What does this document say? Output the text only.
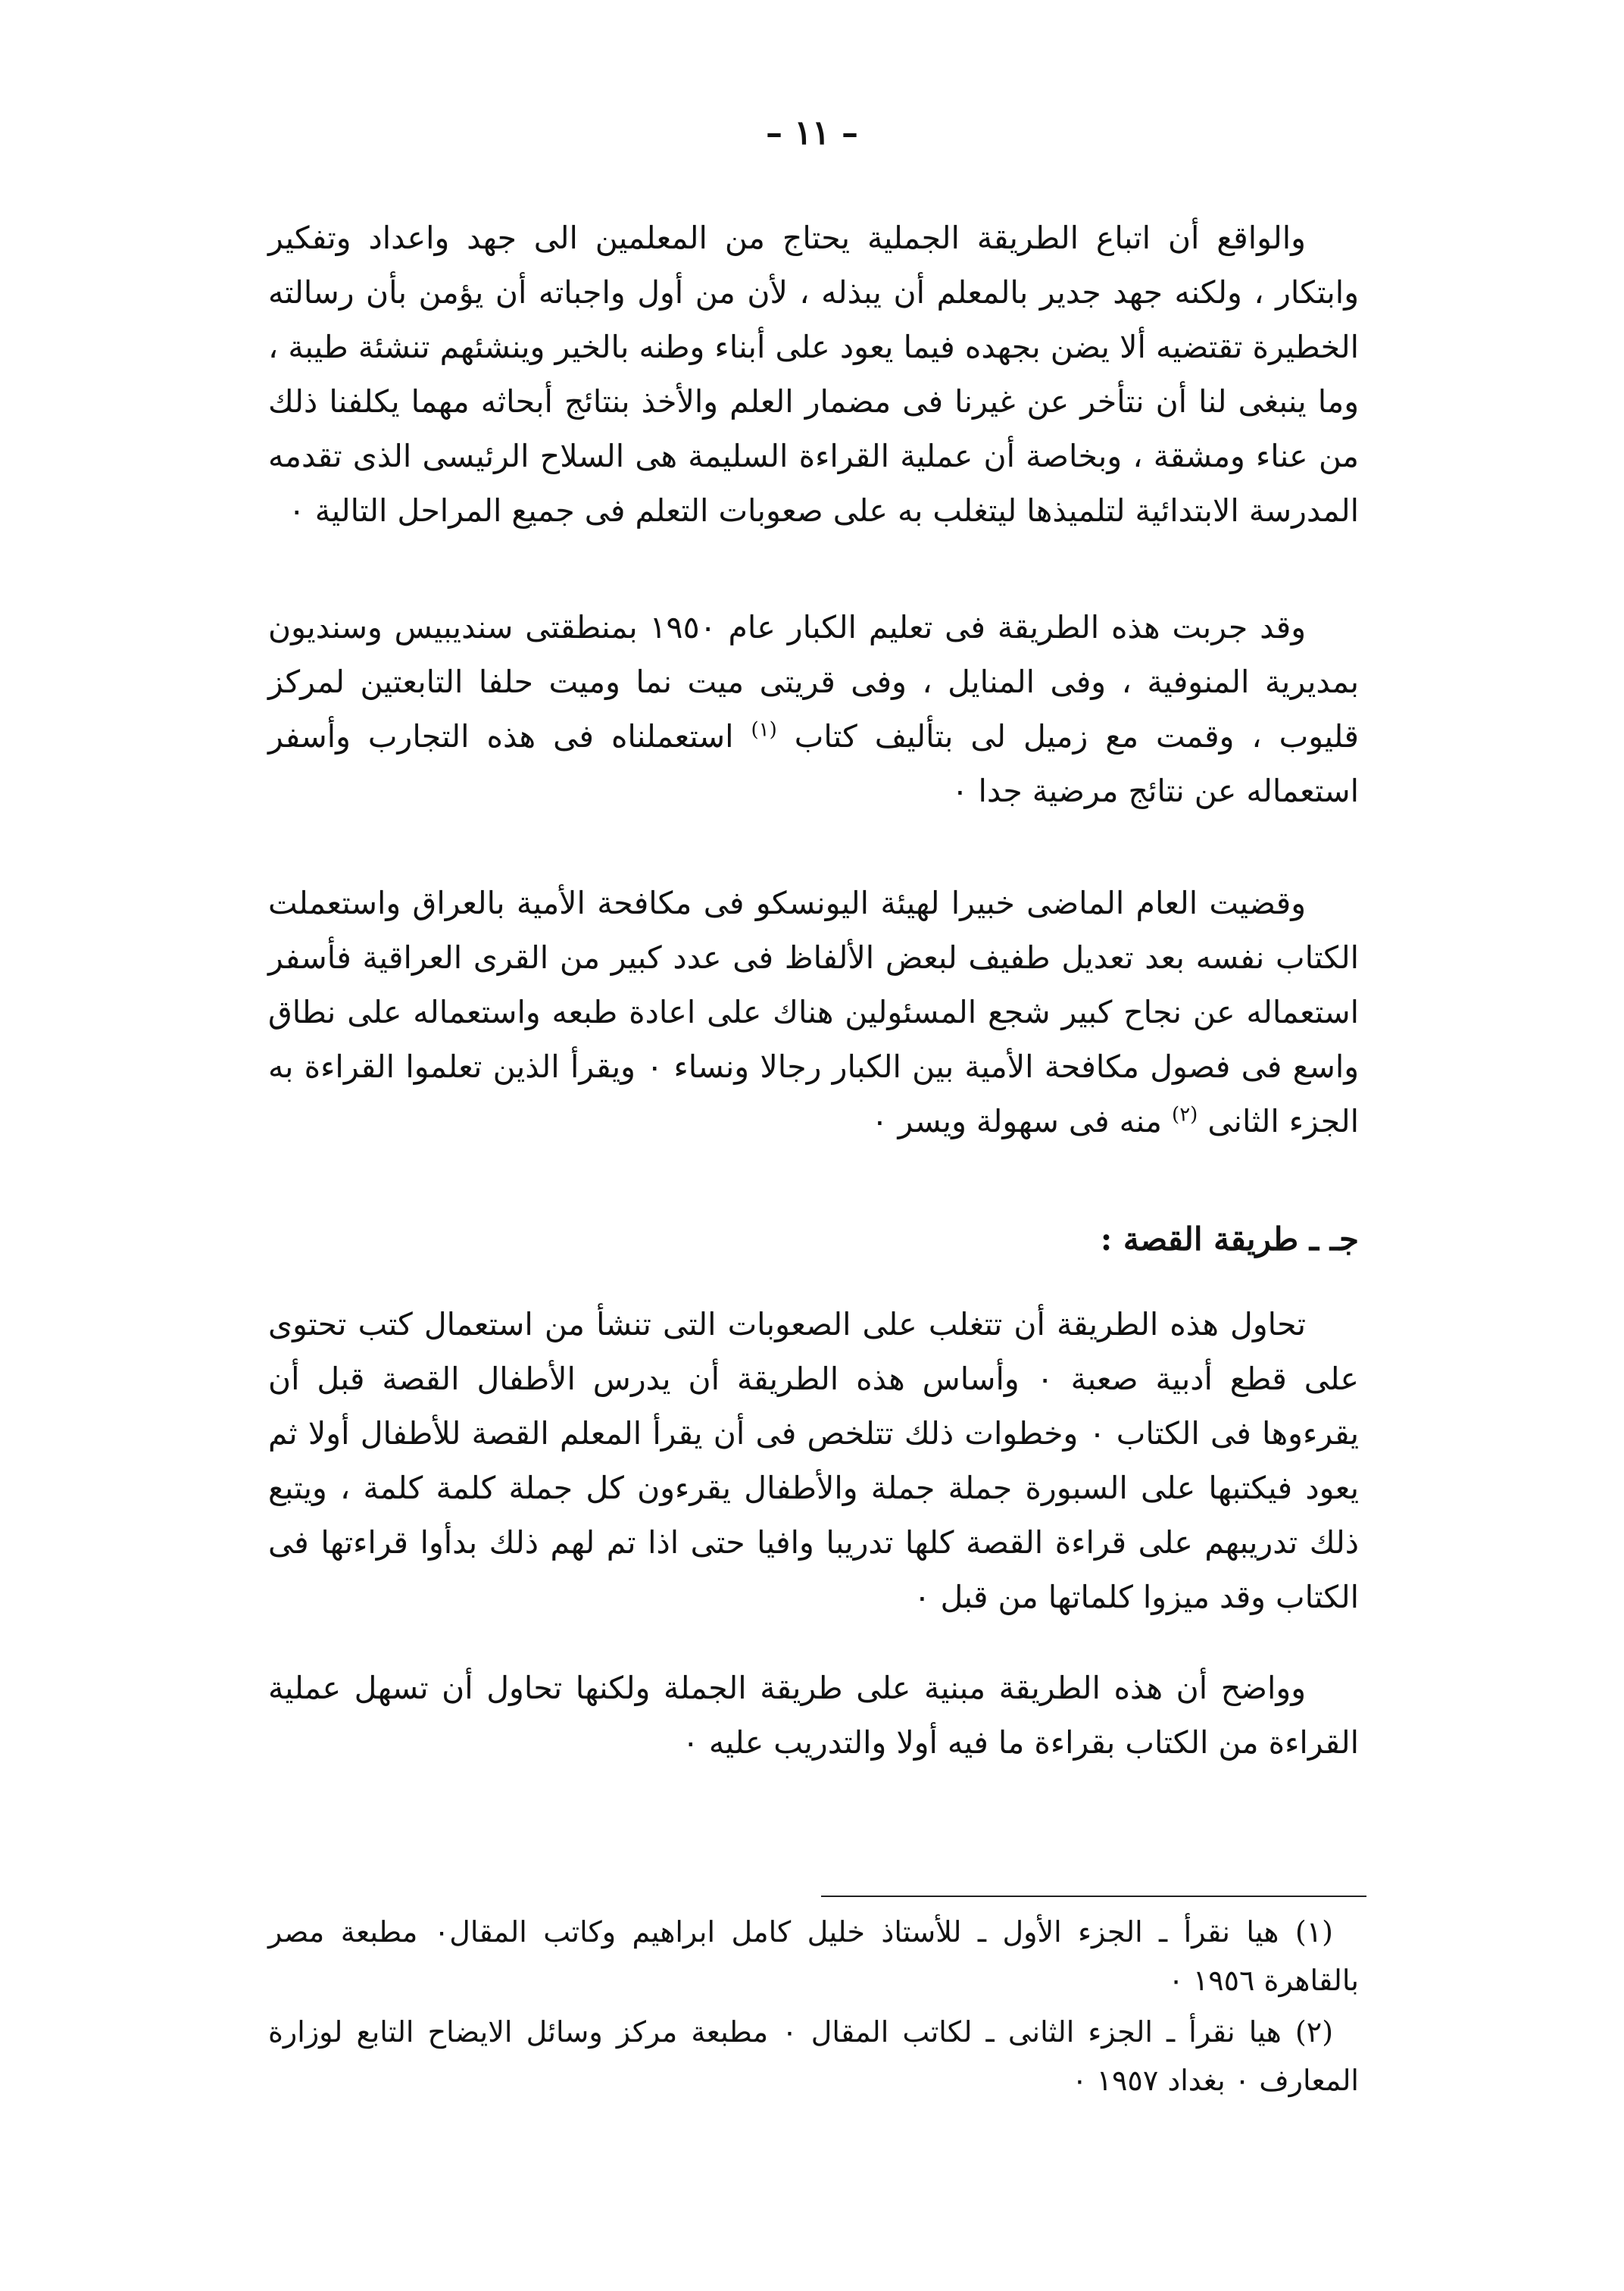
– ١١ –

والواقع أن اتباع الطريقة الجملية يحتاج من المعلمين الى جهد واعداد وتفكير وابتكار ، ولكنه جهد جدير بالمعلم أن يبذله ، لأن من أول واجباته أن يؤمن بأن رسالته الخطيرة تقتضيه ألا يضن بجهده فيما يعود على أبناء وطنه بالخير وينشئهم تنشئة طيبة ، وما ينبغى لنا أن نتأخر عن غيرنا فى مضمار العلم والأخذ بنتائج أبحاثه مهما يكلفنا ذلك من عناء ومشقة ، وبخاصة أن عملية القراءة السليمة هى السلاح الرئيسى الذى تقدمه المدرسة الابتدائية لتلميذها ليتغلب به على صعوبات التعلم فى جميع المراحل التالية ٠

وقد جربت هذه الطريقة فى تعليم الكبار عام ١٩٥٠ بمنطقتى سنديبيس وسنديون بمديرية المنوفية ، وفى المنايل ، وفى قريتى ميت نما وميت حلفا التابعتين لمركز قليوب ، وقمت مع زميل لى بتأليف كتاب $^{(١)}$ استعملناه فى هذه التجارب وأسفر استعماله عن نتائج مرضية جدا ٠

وقضيت العام الماضى خبيرا لهيئة اليونسكو فى مكافحة الأمية بالعراق واستعملت الكتاب نفسه بعد تعديل طفيف لبعض الألفاظ فى عدد كبير من القرى العراقية فأسفر استعماله عن نجاح كبير شجع المسئولين هناك على اعادة طبعه واستعماله على نطاق واسع فى فصول مكافحة الأمية بين الكبار رجالا ونساء ٠ ويقرأ الذين تعلموا القراءة به الجزء الثانى $^{(٢)}$ منه فى سهولة ويسر ٠

جـ ـ طريقة القصة :

تحاول هذه الطريقة أن تتغلب على الصعوبات التى تنشأ من استعمال كتب تحتوى على قطع أدبية صعبة ٠ وأساس هذه الطريقة أن يدرس الأطفال القصة قبل أن يقرءوها فى الكتاب ٠ وخطوات ذلك تتلخص فى أن يقرأ المعلم القصة للأطفال أولا ثم يعود فيكتبها على السبورة جملة جملة والأطفال يقرءون كل جملة كلمة كلمة ، ويتبع ذلك تدريبهم على قراءة القصة كلها تدريبا وافيا حتى اذا تم لهم ذلك بدأوا قراءتها فى الكتاب وقد ميزوا كلماتها من قبل ٠

وواضح أن هذه الطريقة مبنية على طريقة الجملة ولكنها تحاول أن تسهل عملية القراءة من الكتاب بقراءة ما فيه أولا والتدريب عليه ٠

(١) هيا نقرأ ـ الجزء الأول ـ للأستاذ خليل كامل ابراهيم وكاتب المقال٠ مطبعة مصر بالقاهرة ١٩٥٦ ٠

(٢) هيا نقرأ ـ الجزء الثانى ـ لكاتب المقال ٠ مطبعة مركز وسائل الايضاح التابع لوزارة المعارف ٠ بغداد ١٩٥٧ ٠
